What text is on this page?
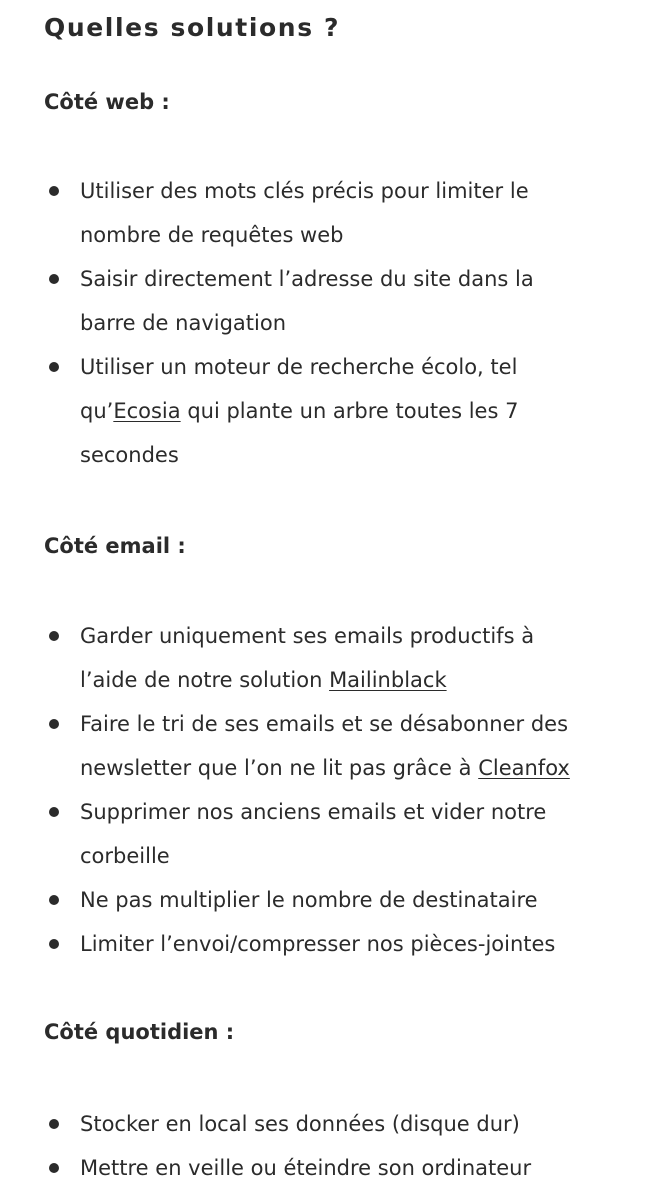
Quelles solutions ?
Côté web :
Utiliser des mots clés précis pour limiter le
nombre de requêtes web
Saisir directement l’adresse du site dans la
barre de navigation
Utiliser un moteur de recherche écolo, tel
qu’Ecosia qui plante un arbre toutes les 7
secondes
Côté email :
Garder uniquement ses emails productifs à
l’aide de notre solution Mailinblack
Faire le tri de ses emails et se désabonner des
newsletter que l’on ne lit pas grâce à Cleanfox
Supprimer nos anciens emails et vider notre
corbeille
Ne pas multiplier le nombre de destinataire
Limiter l’envoi/compresser nos pièces-jointes
Côté quotidien :
Stocker en local ses données (disque dur)
Mettre en veille ou éteindre son ordinateur
